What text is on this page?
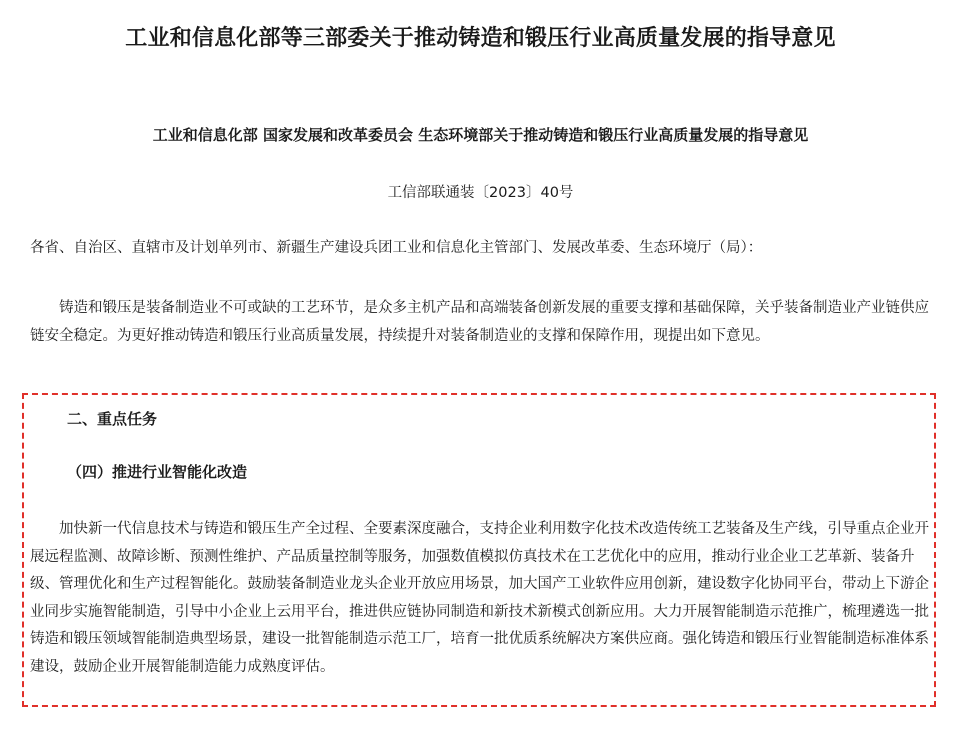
工业和信息化部等三部委关于推动铸造和锻压行业高质量发展的指导意见
工业和信息化部 国家发展和改革委员会 生态环境部关于推动铸造和锻压行业高质量发展的指导意见
工信部联通装〔2023〕40号
各省、自治区、直辖市及计划单列市、新疆生产建设兵团工业和信息化主管部门、发展改革委、生态环境厅（局）：

铸造和锻压是装备制造业不可或缺的工艺环节，是众多主机产品和高端装备创新发展的重要支撑和基础保障，关乎装备制造业产业链供应链安全稳定。为更好推动铸造和锻压行业高质量发展，持续提升对装备制造业的支撑和保障作用，现提出如下意见。

二、重点任务
（四）推进行业智能化改造

加快新一代信息技术与铸造和锻压生产全过程、全要素深度融合，支持企业利用数字化技术改造传统工艺装备及生产线，引导重点企业开展远程监测、故障诊断、预测性维护、产品质量控制等服务，加强数值模拟仿真技术在工艺优化中的应用，推动行业企业工艺革新、装备升级、管理优化和生产过程智能化。鼓励装备制造业龙头企业开放应用场景，加大国产工业软件应用创新，建设数字化协同平台，带动上下游企业同步实施智能制造，引导中小企业上云用平台，推进供应链协同制造和新技术新模式创新应用。大力开展智能制造示范推广，梳理遴选一批铸造和锻压领域智能制造典型场景，建设一批智能制造示范工厂，培育一批优质系统解决方案供应商。强化铸造和锻压行业智能制造标准体系建设，鼓励企业开展智能制造能力成熟度评估。
